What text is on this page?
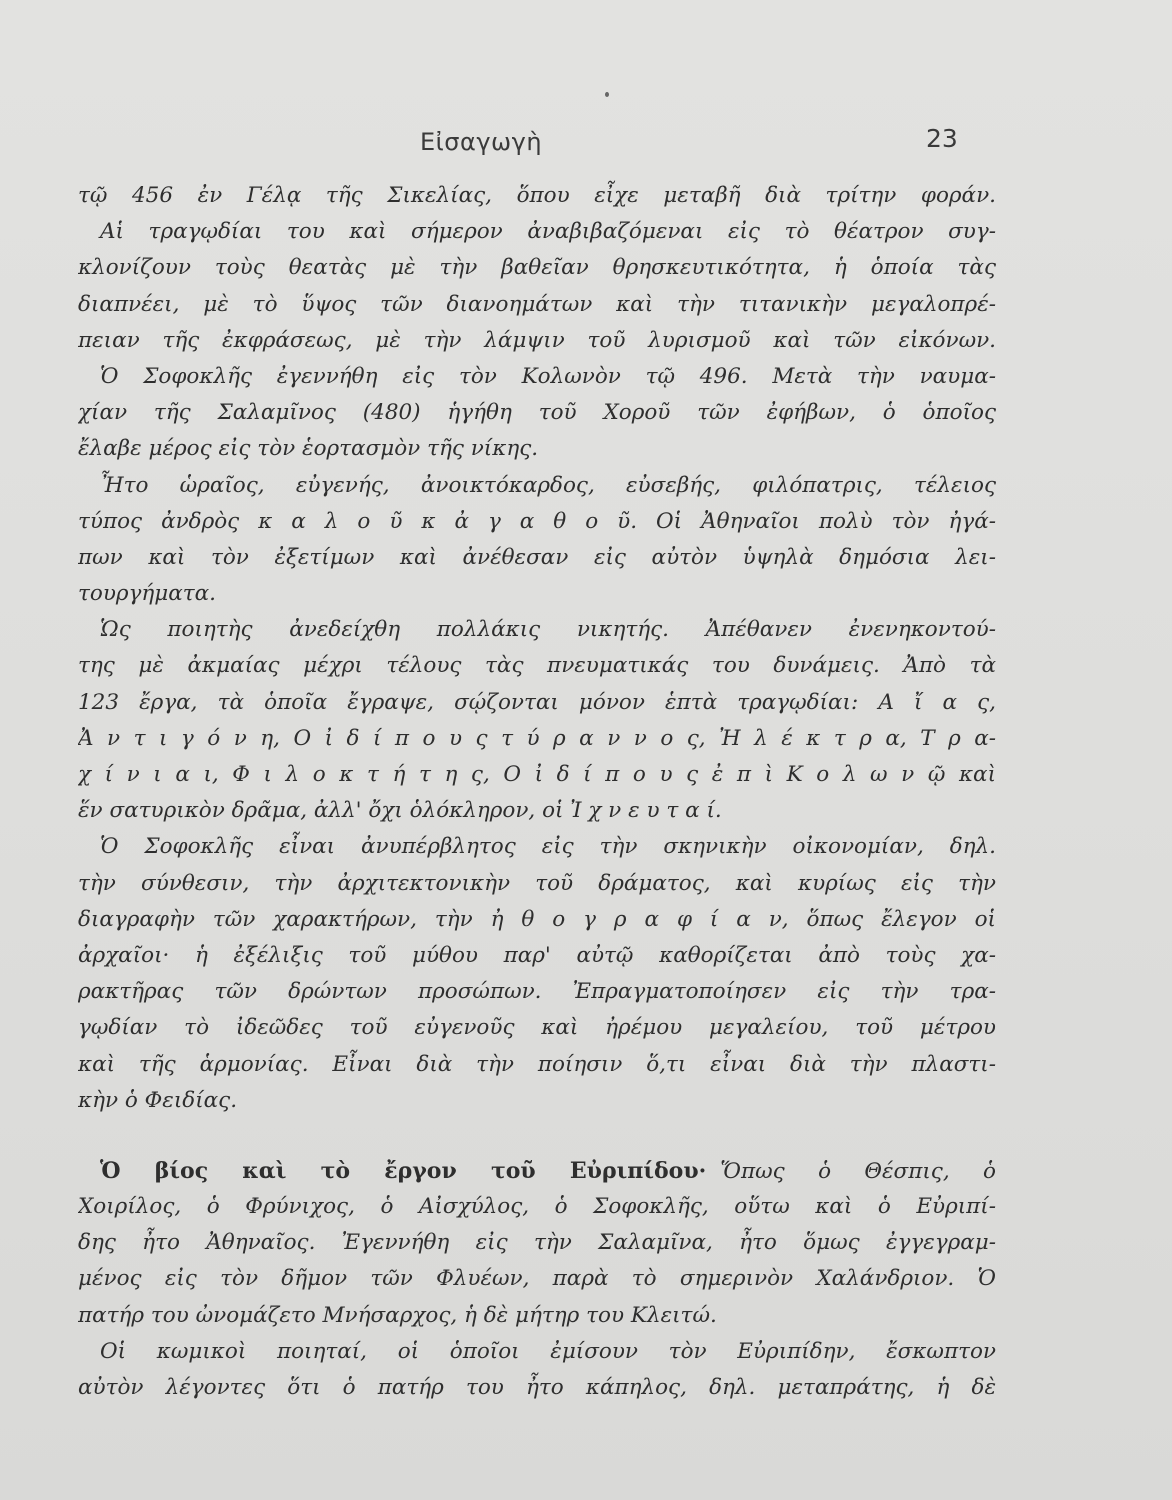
Εἰσαγωγὴ	23
τῷ 456 ἐν Γέλᾳ τῆς Σικελίας, ὅπου εἶχε μεταβῆ διὰ τρίτην φοράν.
Αἱ τραγῳδίαι του καὶ σήμερον ἀναβιβαζόμεναι εἰς τὸ θέατρον συγ-
κλονίζουν τοὺς θεατὰς μὲ τὴν βαθεῖαν θρησκευτικότητα, ἡ ὁποία τὰς
διαπνέει, μὲ τὸ ὕψος τῶν διανοημάτων καὶ τὴν τιτανικὴν μεγαλοπρέ-
πειαν τῆς ἐκφράσεως, μὲ τὴν λάμψιν τοῦ λυρισμοῦ καὶ τῶν εἰκόνων.
Ὁ Σοφοκλῆς ἐγεννήθη εἰς τὸν Κολωνὸν τῷ 496. Μετὰ τὴν ναυμα-
χίαν τῆς Σαλαμῖνος (480) ἡγήθη τοῦ Χοροῦ τῶν ἐφήβων, ὁ ὁποῖος
ἔλαβε μέρος εἰς τὸν ἑορτασμὸν τῆς νίκης.
Ἦτο ὡραῖος, εὐγενής, ἀνοικτόκαρδος, εὐσεβής, φιλόπατρις, τέλειος
τύπος ἀνδρὸς κ α λ ο ῦ κ ἀ γ α θ ο ῦ. Οἱ Ἀθηναῖοι πολὺ τὸν ἠγά-
πων καὶ τὸν ἐξετίμων καὶ ἀνέθεσαν εἰς αὐτὸν ὑψηλὰ δημόσια λει-
τουργήματα.
Ὡς ποιητὴς ἀνεδείχθη πολλάκις νικητής. Ἀπέθανεν ἐνενηκοντού-
της μὲ ἀκμαίας μέχρι τέλους τὰς πνευματικάς του δυνάμεις. Ἀπὸ τὰ
123 ἔργα, τὰ ὁποῖα ἔγραψε, σῴζονται μόνον ἑπτὰ τραγῳδίαι: Α ἴ α ς,
Ἀ ν τ ι γ ό ν η, Ο ἰ δ ί π ο υ ς τ ύ ρ α ν ν ο ς, Ἠ λ έ κ τ ρ α, Τ ρ α-
χ ί ν ι α ι, Φ ι λ ο κ τ ή τ η ς, Ο ἰ δ ί π ο υ ς ἐ π ὶ Κ ο λ ω ν ῷ καὶ
ἕν σατυρικὸν δρᾶμα, ἀλλ' ὄχι ὁλόκληρον, οἱ Ἰ χ ν ε υ τ α ί.
Ὁ Σοφοκλῆς εἶναι ἀνυπέρβλητος εἰς τὴν σκηνικὴν οἰκονομίαν, δηλ.
τὴν σύνθεσιν, τὴν ἀρχιτεκτονικὴν τοῦ δράματος, καὶ κυρίως εἰς τὴν
διαγραφὴν τῶν χαρακτήρων, τὴν ἠ θ ο γ ρ α φ ί α ν, ὅπως ἔλεγον οἱ
ἀρχαῖοι· ἡ ἐξέλιξις τοῦ μύθου παρ' αὐτῷ καθορίζεται ἀπὸ τοὺς χα-
ρακτῆρας τῶν δρώντων προσώπων. Ἐπραγματοποίησεν εἰς τὴν τρα-
γῳδίαν τὸ ἰδεῶδες τοῦ εὐγενοῦς καὶ ἠρέμου μεγαλείου, τοῦ μέτρου
καὶ τῆς ἁρμονίας. Εἶναι διὰ τὴν ποίησιν ὅ,τι εἶναι διὰ τὴν πλαστι-
κὴν ὁ Φειδίας.
Ὁ βίος καὶ τὸ ἔργον τοῦ Εὐριπίδου· Ὅπως ὁ Θέσπις, ὁ
Χοιρίλος, ὁ Φρύνιχος, ὁ Αἰσχύλος, ὁ Σοφοκλῆς, οὕτω καὶ ὁ Εὐριπί-
δης ἦτο Ἀθηναῖος. Ἐγεννήθη εἰς τὴν Σαλαμῖνα, ἦτο ὅμως ἐγγεγραμ-
μένος εἰς τὸν δῆμον τῶν Φλυέων, παρὰ τὸ σημερινὸν Χαλάνδριον. Ὁ
πατήρ του ὠνομάζετο Μνήσαρχος, ἡ δὲ μήτηρ του Κλειτώ.
Οἱ κωμικοὶ ποιηταί, οἱ ὁποῖοι ἐμίσουν τὸν Εὐριπίδην, ἔσκωπτον
αὐτὸν λέγοντες ὅτι ὁ πατήρ του ἦτο κάπηλος, δηλ. μεταπράτης, ἡ δὲ
